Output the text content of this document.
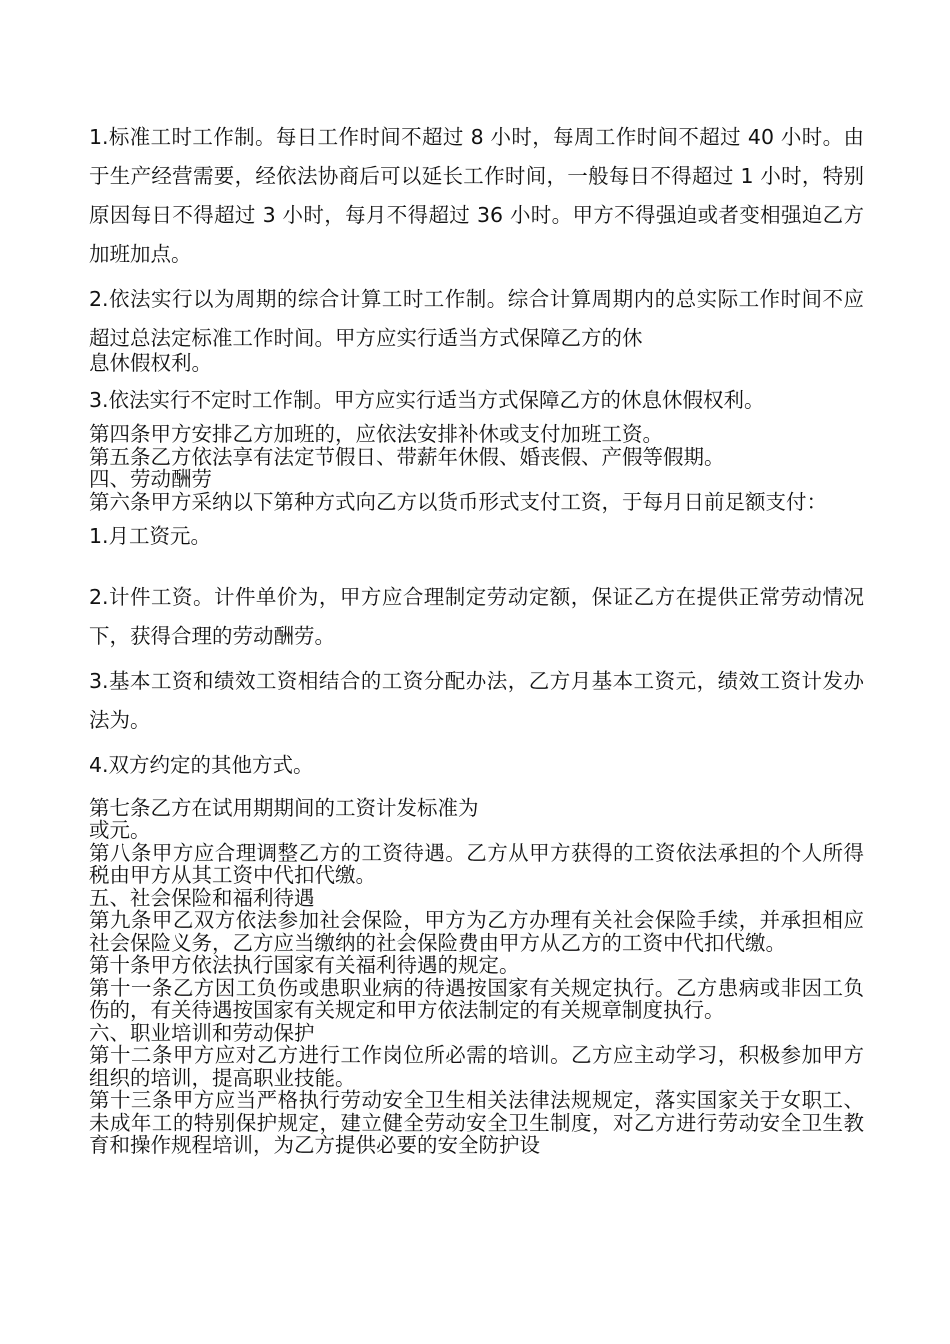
1.标准工时工作制。每日工作时间不超过 8 小时，每周工作时间不超过 40 小时。由于生产经营需要，经依法协商后可以延长工作时间，一般每日不得超过 1 小时，特别原因每日不得超过 3 小时，每月不得超过 36 小时。甲方不得强迫或者变相强迫乙方加班加点。

2.依法实行以为周期的综合计算工时工作制。综合计算周期内的总实际工作时间不应超过总法定标准工作时间。甲方应实行适当方式保障乙方的休

息休假权利。

3.依法实行不定时工作制。甲方应实行适当方式保障乙方的休息休假权利。

第四条甲方安排乙方加班的，应依法安排补休或支付加班工资。

第五条乙方依法享有法定节假日、带薪年休假、婚丧假、产假等假期。

四、劳动酬劳

第六条甲方采纳以下第种方式向乙方以货币形式支付工资，于每月日前足额支付：

1.月工资元。

2.计件工资。计件单价为，甲方应合理制定劳动定额，保证乙方在提供正常劳动情况下，获得合理的劳动酬劳。

3.基本工资和绩效工资相结合的工资分配办法，乙方月基本工资元，绩效工资计发办法为。

4.双方约定的其他方式。

第七条乙方在试用期期间的工资计发标准为

或元。

第八条甲方应合理调整乙方的工资待遇。乙方从甲方获得的工资依法承担的个人所得税由甲方从其工资中代扣代缴。

五、社会保险和福利待遇

第九条甲乙双方依法参加社会保险，甲方为乙方办理有关社会保险手续，并承担相应社会保险义务，乙方应当缴纳的社会保险费由甲方从乙方的工资中代扣代缴。

第十条甲方依法执行国家有关福利待遇的规定。

第十一条乙方因工负伤或患职业病的待遇按国家有关规定执行。乙方患病或非因工负伤的，有关待遇按国家有关规定和甲方依法制定的有关规章制度执行。

六、职业培训和劳动保护

第十二条甲方应对乙方进行工作岗位所必需的培训。乙方应主动学习，积极参加甲方组织的培训，提高职业技能。

第十三条甲方应当严格执行劳动安全卫生相关法律法规规定，落实国家关于女职工、未成年工的特别保护规定，建立健全劳动安全卫生制度，对乙方进行劳动安全卫生教育和操作规程培训，为乙方提供必要的安全防护设
